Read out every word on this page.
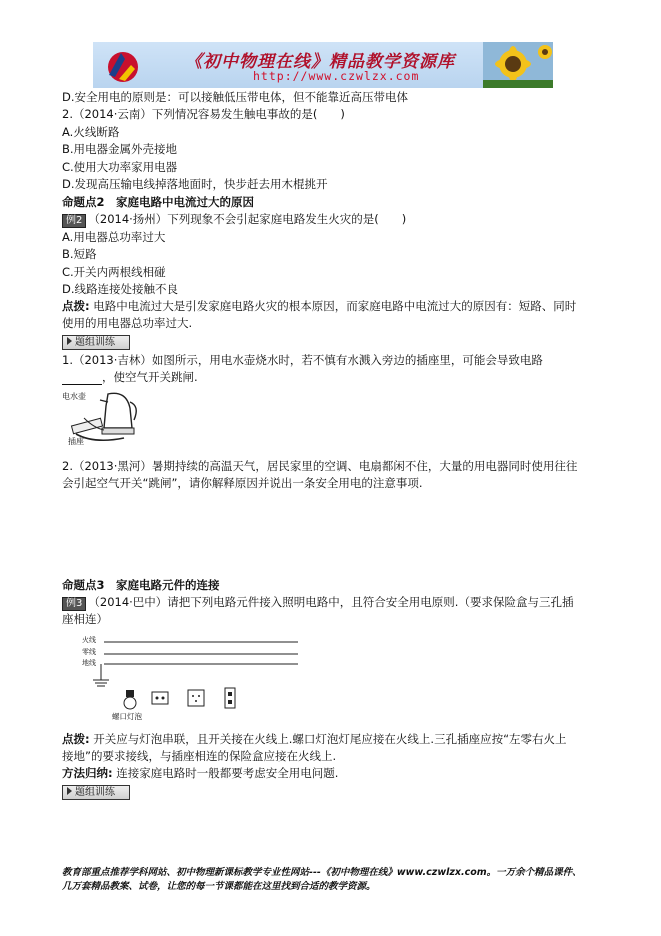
《初中物理在线》精品教学资源库
http://www.czwlzx.com
D.安全用电的原则是：可以接触低压带电体，但不能靠近高压带电体
2.（2014·云南）下列情况容易发生触电事故的是(　　)
A.火线断路
B.用电器金属外壳接地
C.使用大功率家用电器
D.发现高压输电线掉落地面时，快步赶去用木棍挑开
命题点2　家庭电路中电流过大的原因
例2 （2014·扬州）下列现象不会引起家庭电路发生火灾的是(　　)
A.用电器总功率过大
B.短路
C.开关内两根线相碰
D.线路连接处接触不良
点拨: 电路中电流过大是引发家庭电路火灾的根本原因，而家庭电路中电流过大的原因有：短路、同时
使用的用电器总功率过大.
题组训练
1.（2013·吉林）如图所示，用电水壶烧水时，若不慎有水溅入旁边的插座里，可能会导致电路
，使空气开关跳闸.
电水壶
插座
2.（2013·黑河）暑期持续的高温天气，居民家里的空调、电扇都闲不住，大量的用电器同时使用往往
会引起空气开关“跳闸”，请你解释原因并说出一条安全用电的注意事项.
命题点3　家庭电路元件的连接
例3 （2014·巴中）请把下列电路元件接入照明电路中，且符合安全用电原则.（要求保险盒与三孔插
座相连）
火线
零线
地线
螺口灯泡
点拨: 开关应与灯泡串联，且开关接在火线上.螺口灯泡灯尾应接在火线上.三孔插座应按“左零右火上
接地”的要求接线，与插座相连的保险盒应接在火线上.
方法归纳: 连接家庭电路时一般都要考虑安全用电问题.
题组训练
教育部重点推荐学科网站、初中物理新课标教学专业性网站---《初中物理在线》www.czwlzx.com。一万余个精品课件、
几万套精品教案、试卷，让您的每一节课都能在这里找到合适的教学资源。
